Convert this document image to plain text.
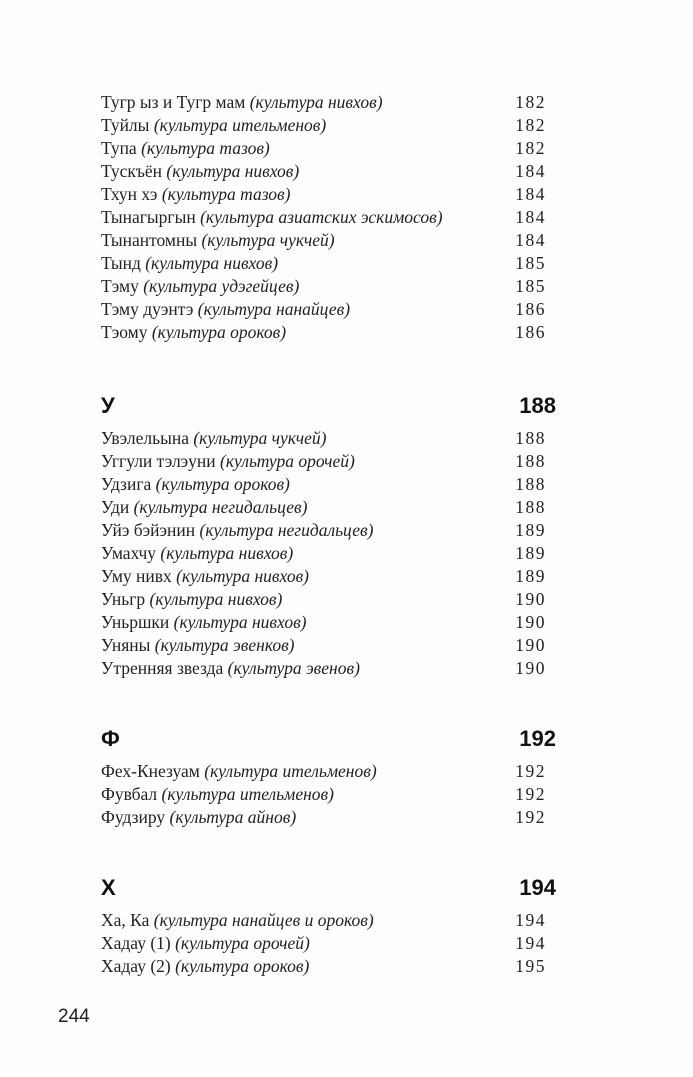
Тугр ыз и Тугр мам (культура нивхов)	182
Туйлы (культура ительменов)	182
Тупа (культура тазов)	182
Тускъён (культура нивхов)	184
Тхун хэ (культура тазов)	184
Тынагыргын (культура азиатских эскимосов)	184
Тынантомны (культура чукчей)	184
Тынд (культура нивхов)	185
Тэму (культура удэгейцев)	185
Тэму дуэнтэ (культура нанайцев)	186
Тэому (культура ороков)	186
У	188
Увэлельына (культура чукчей)	188
Уггули тэлэуни (культура орочей)	188
Удзига (культура ороков)	188
Уди (культура негидальцев)	188
Уйэ бэйэнин (культура негидальцев)	189
Умахчу (культура нивхов)	189
Уму нивх (культура нивхов)	189
Уньгр (культура нивхов)	190
Уньршки (культура нивхов)	190
Уняны (культура эвенков)	190
Утренняя звезда (культура эвенов)	190
Ф	192
Фех-Кнезуам (культура ительменов)	192
Фувбал (культура ительменов)	192
Фудзиру (культура айнов)	192
Х	194
Ха, Ка (культура нанайцев и ороков)	194
Хадау (1) (культура орочей)	194
Хадау (2) (культура ороков)	195
244
